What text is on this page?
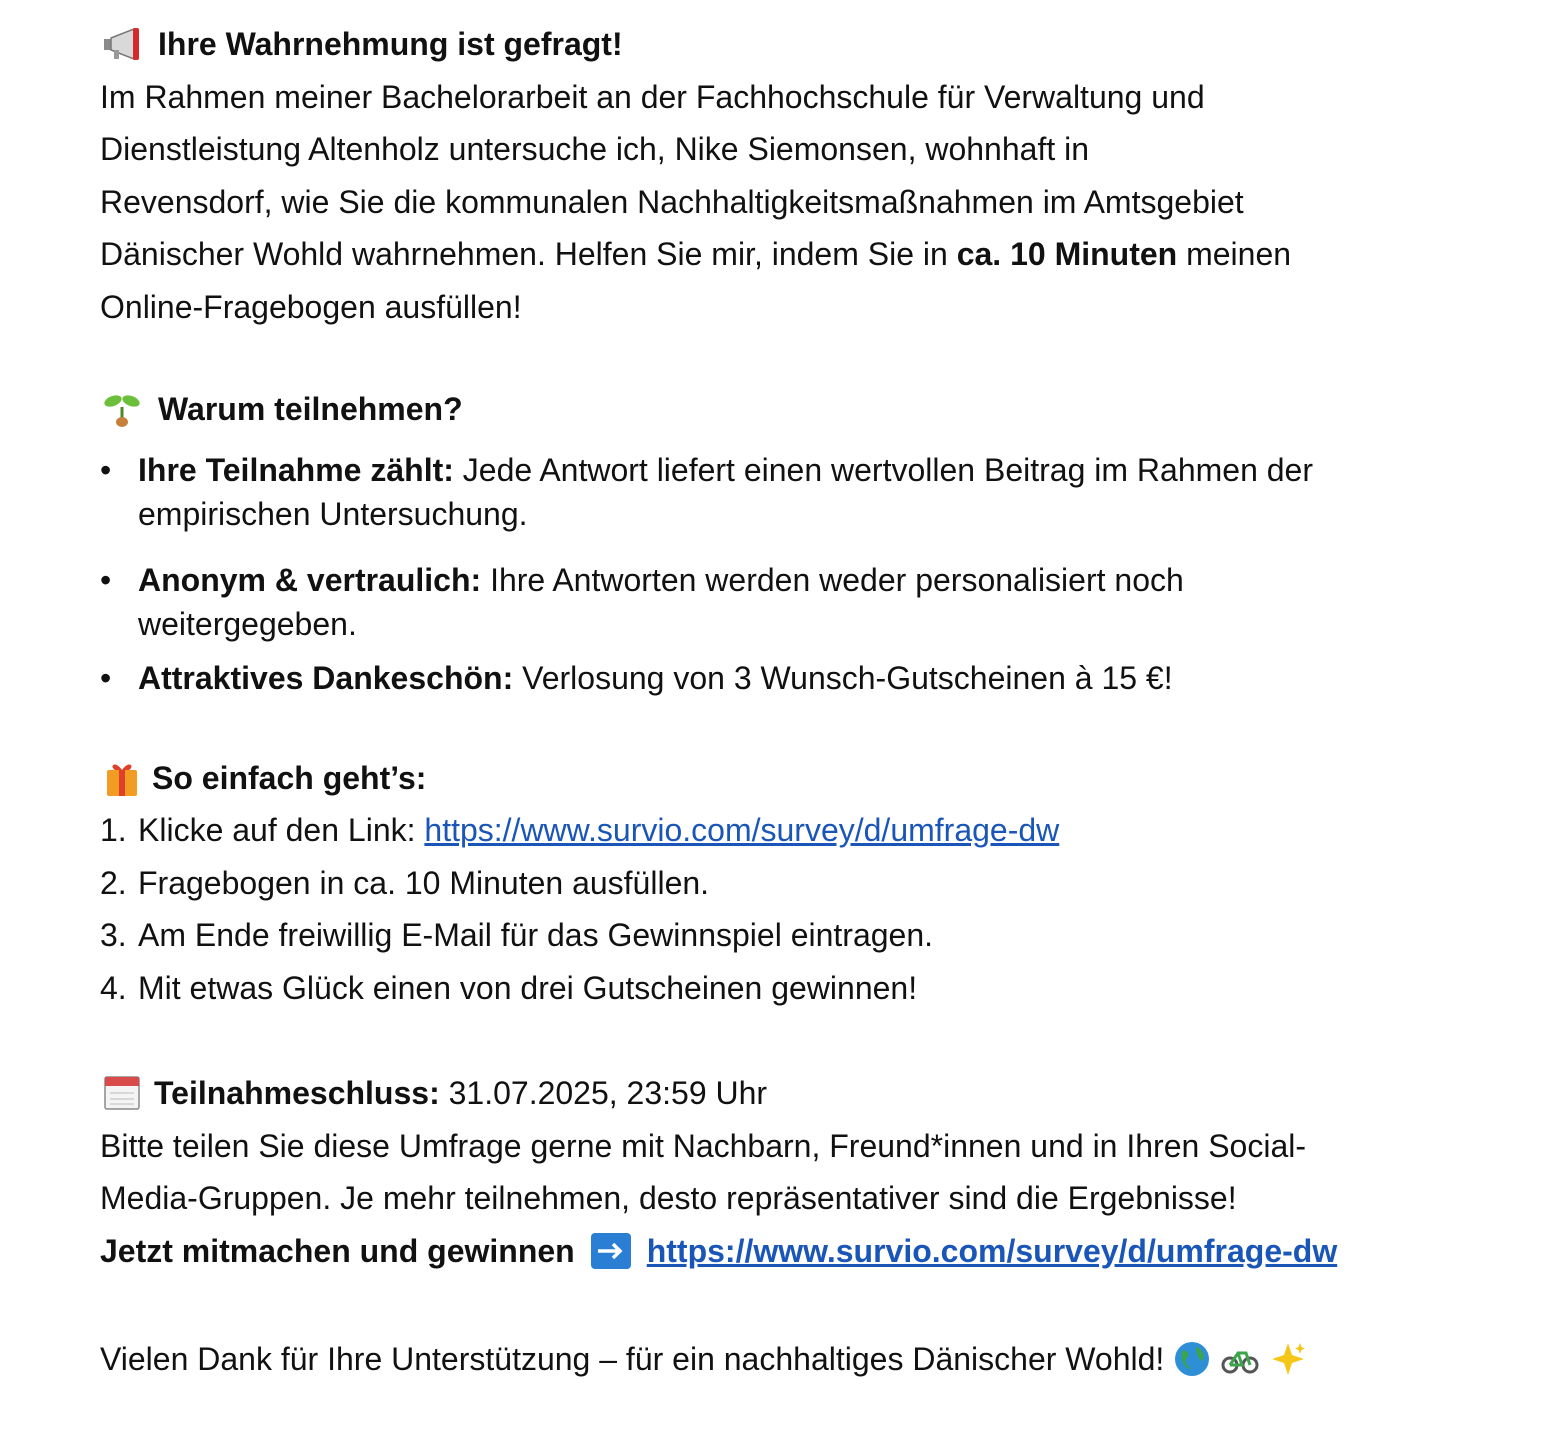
Ihre Wahrnehmung ist gefragt!
Im Rahmen meiner Bachelorarbeit an der Fachhochschule für Verwaltung und
Dienstleistung Altenholz untersuche ich, Nike Siemonsen, wohnhaft in
Revensdorf, wie Sie die kommunalen Nachhaltigkeitsmaßnahmen im Amtsgebiet
Dänischer Wohld wahrnehmen. Helfen Sie mir, indem Sie in ca. 10 Minuten meinen
Online-Fragebogen ausfüllen!
Warum teilnehmen?
• Ihre Teilnahme zählt: Jede Antwort liefert einen wertvollen Beitrag im Rahmen der
empirischen Untersuchung.
• Anonym & vertraulich: Ihre Antworten werden weder personalisiert noch
weitergegeben.
• Attraktives Dankeschön: Verlosung von 3 Wunsch-Gutscheinen à 15 €!
So einfach geht’s:
1. Klicke auf den Link: https://www.survio.com/survey/d/umfrage-dw
2. Fragebogen in ca. 10 Minuten ausfüllen.
3. Am Ende freiwillig E-Mail für das Gewinnspiel eintragen.
4. Mit etwas Glück einen von drei Gutscheinen gewinnen!
Teilnahmeschluss: 31.07.2025, 23:59 Uhr
Bitte teilen Sie diese Umfrage gerne mit Nachbarn, Freund*innen und in Ihren Social-
Media-Gruppen. Je mehr teilnehmen, desto repräsentativer sind die Ergebnisse!
Jetzt mitmachen und gewinnen https://www.survio.com/survey/d/umfrage-dw
Vielen Dank für Ihre Unterstützung – für ein nachhaltiges Dänischer Wohld!
